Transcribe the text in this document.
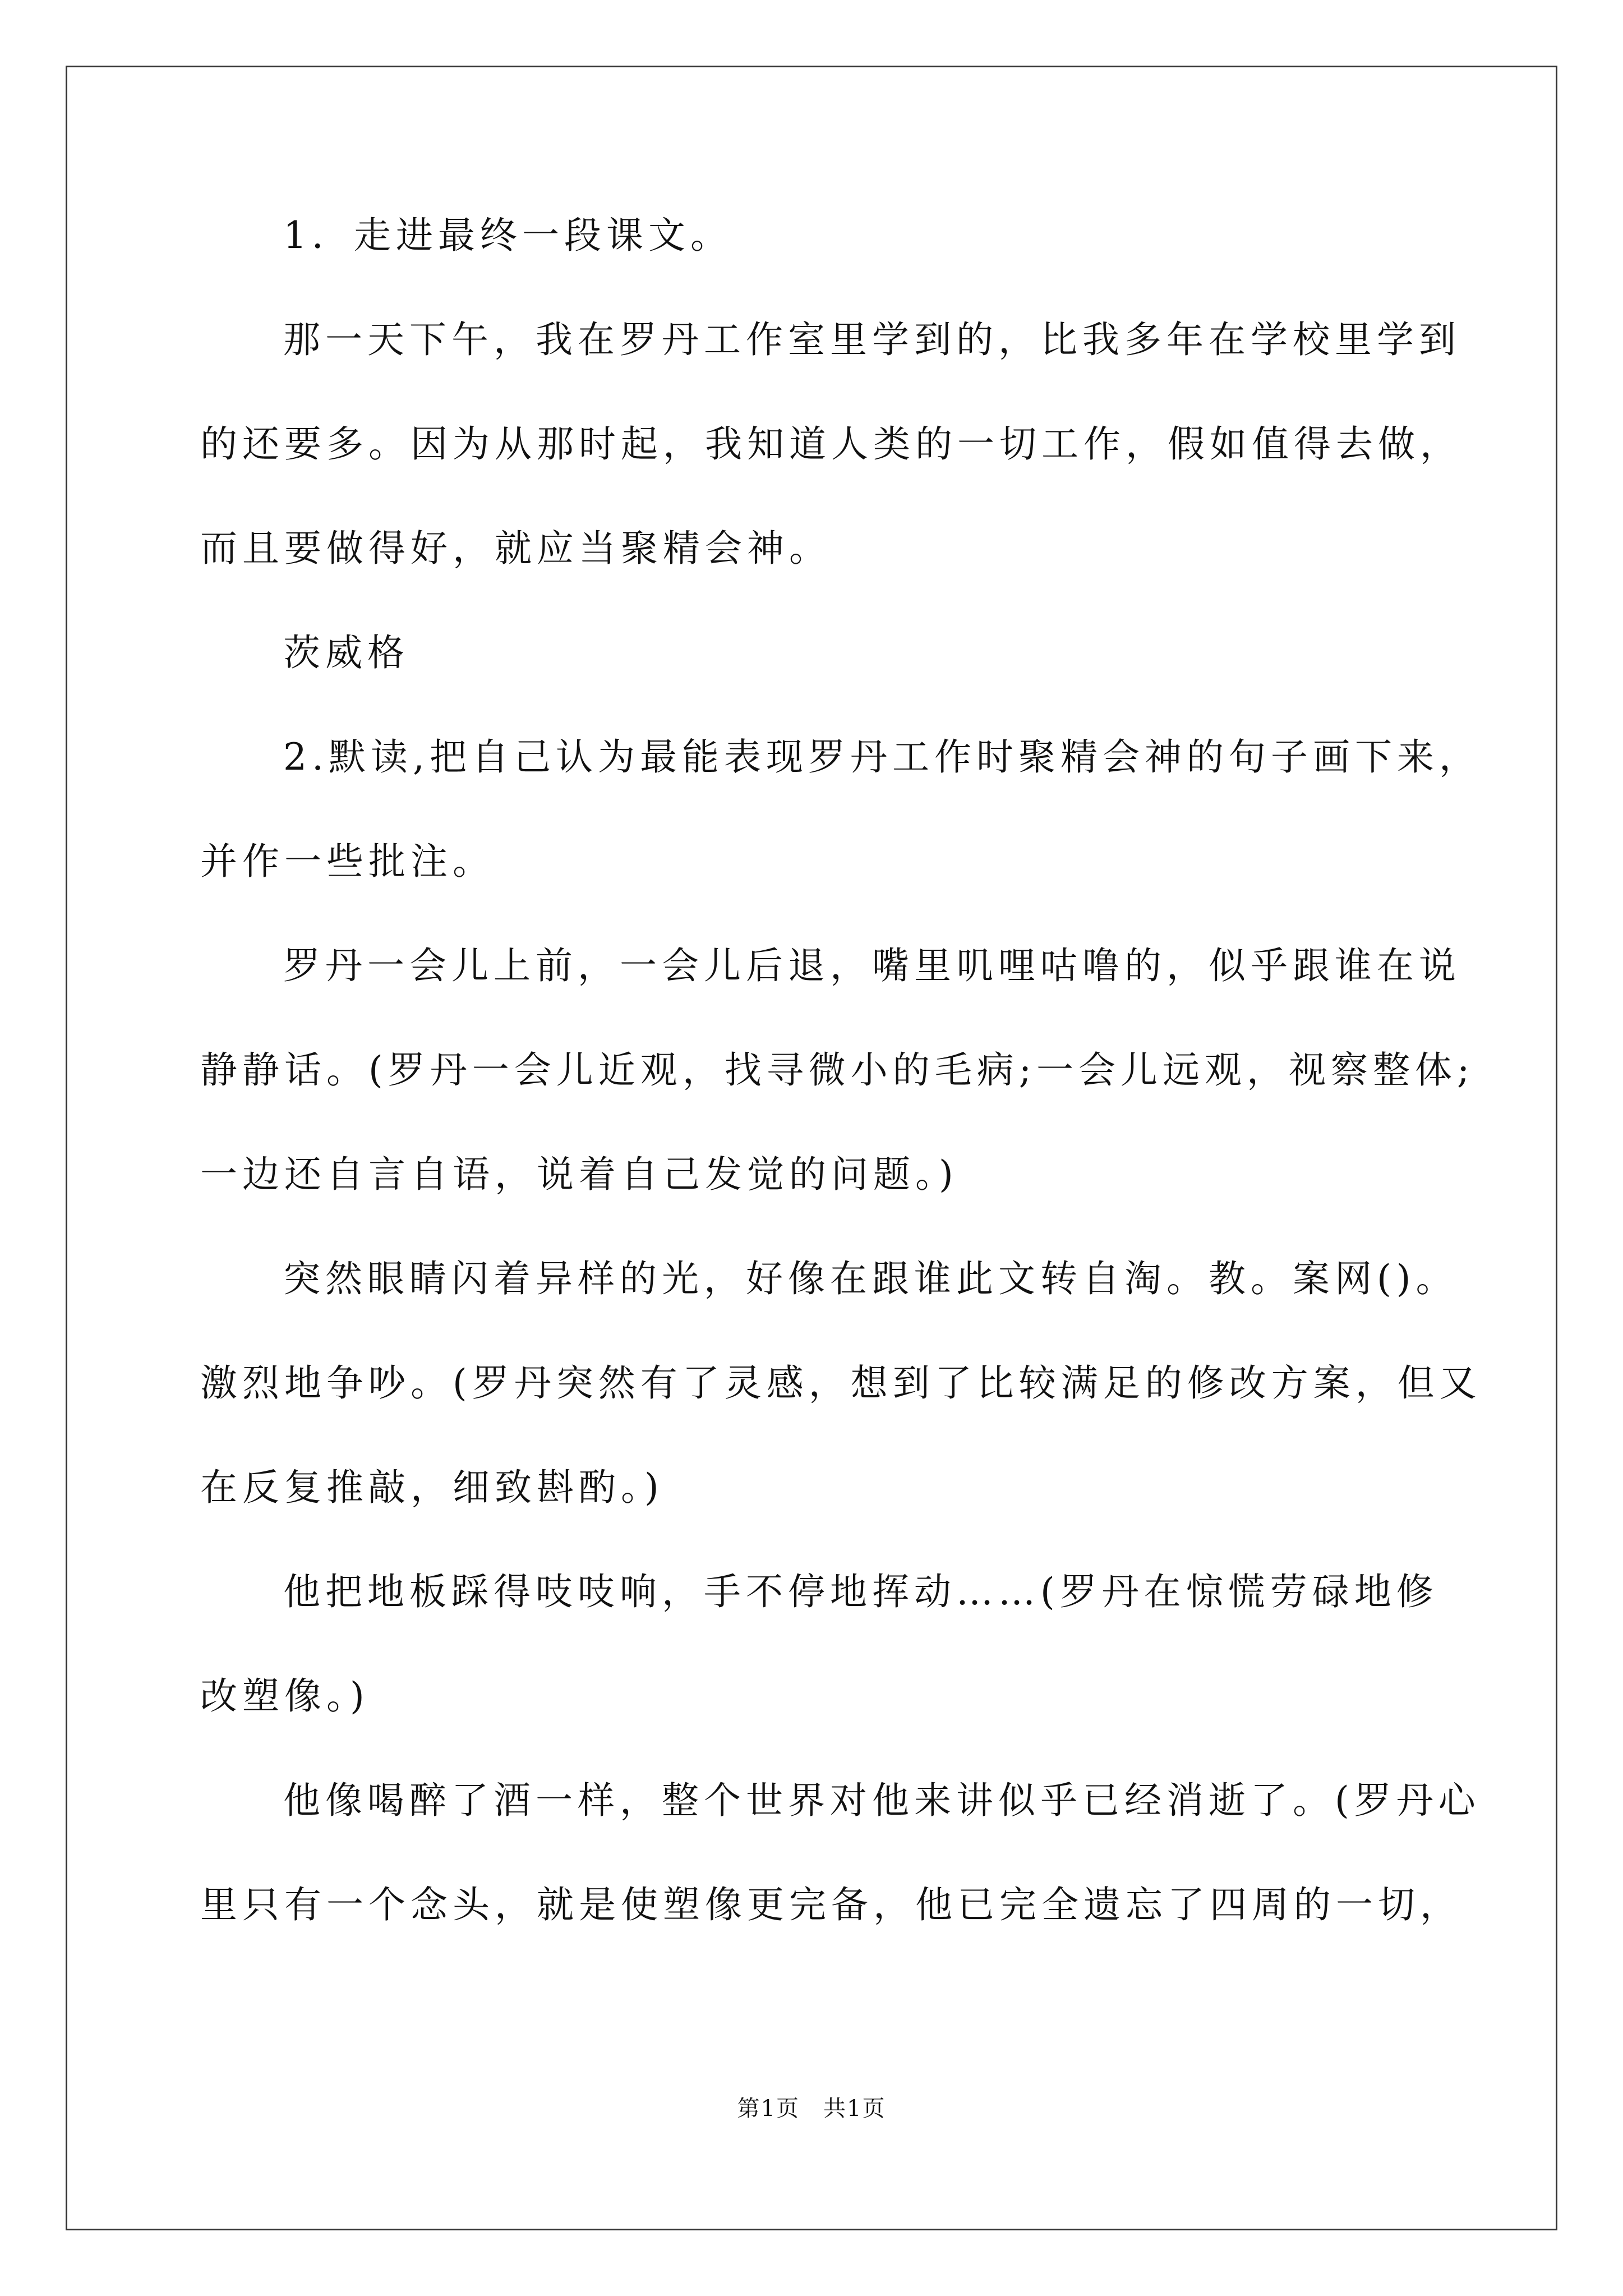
1．走进最终一段课文。
那一天下午，我在罗丹工作室里学到的，比我多年在学校里学到
的还要多。因为从那时起，我知道人类的一切工作，假如值得去做，
而且要做得好，就应当聚精会神。
茨威格
2.默读,把自己认为最能表现罗丹工作时聚精会神的句子画下来，
并作一些批注。
罗丹一会儿上前，一会儿后退，嘴里叽哩咕噜的，似乎跟谁在说
静静话。(罗丹一会儿近观，找寻微小的毛病;一会儿远观，视察整体;
一边还自言自语，说着自己发觉的问题。)
突然眼睛闪着异样的光，好像在跟谁此文转自淘。教。案网()。
激烈地争吵。(罗丹突然有了灵感，想到了比较满足的修改方案，但又
在反复推敲，细致斟酌。)
他把地板踩得吱吱响，手不停地挥动……(罗丹在惊慌劳碌地修
改塑像。)
他像喝醉了酒一样，整个世界对他来讲似乎已经消逝了。(罗丹心
里只有一个念头，就是使塑像更完备，他已完全遗忘了四周的一切，
第1页　共1页
